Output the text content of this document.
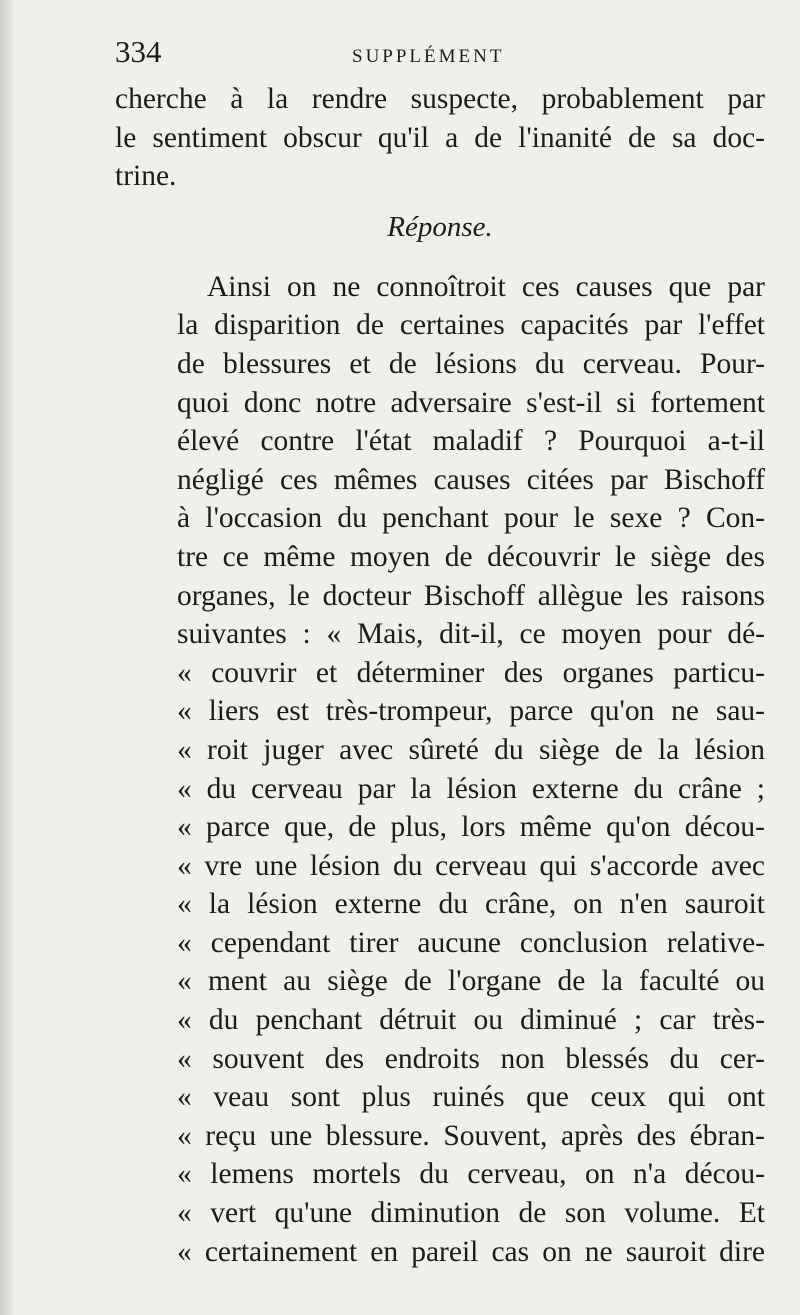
334	SUPPLÉMENT
cherche à la rendre suspecte, probablement par
le sentiment obscur qu'il a de l'inanité de sa doc-
trine.
Réponse.
Ainsi on ne connoîtroit ces causes que par
la disparition de certaines capacités par l'effet
de blessures et de lésions du cerveau. Pour-
quoi donc notre adversaire s'est-il si fortement
élevé contre l'état maladif ? Pourquoi a-t-il
négligé ces mêmes causes citées par Bischoff
à l'occasion du penchant pour le sexe ? Con-
tre ce même moyen de découvrir le siège des
organes, le docteur Bischoff allègue les raisons
suivantes : « Mais, dit-il, ce moyen pour dé-
« couvrir et déterminer des organes particu-
« liers est très-trompeur, parce qu'on ne sau-
« roit juger avec sûreté du siège de la lésion
« du cerveau par la lésion externe du crâne ;
« parce que, de plus, lors même qu'on décou-
« vre une lésion du cerveau qui s'accorde avec
« la lésion externe du crâne, on n'en sauroit
« cependant tirer aucune conclusion relative-
« ment au siège de l'organe de la faculté ou
« du penchant détruit ou diminué ; car très-
« souvent des endroits non blessés du cer-
« veau sont plus ruinés que ceux qui ont
« reçu une blessure. Souvent, après des ébran-
« lemens mortels du cerveau, on n'a décou-
« vert qu'une diminution de son volume. Et
« certainement en pareil cas on ne sauroit dire
